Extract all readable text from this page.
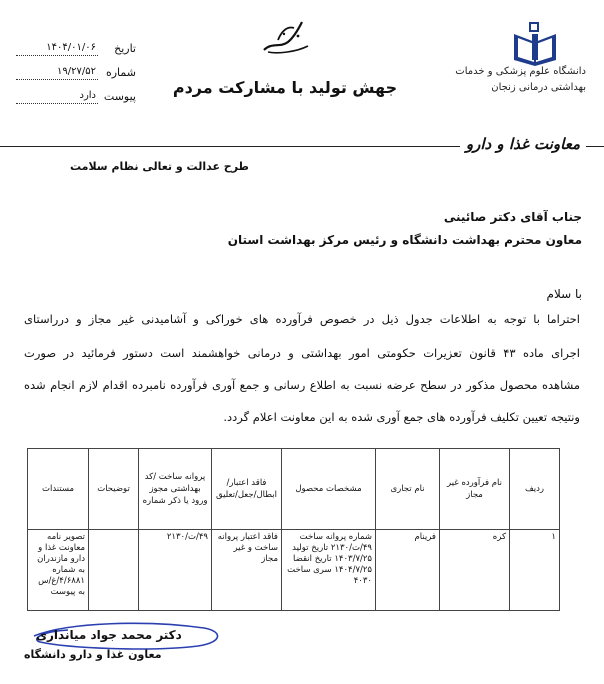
تاریخ
۱۴۰۴/۰۱/۰۶
شماره
۱۹/۲۷/۵۲
پیوست
دارد	جهش تولید با مشارکت مردم
دانشگاه علوم پزشکی و خدمات
بهداشتی درمانی زنجان
معاونت غذا و دارو
طرح عدالت و تعالی نظام سلامت
جناب آقای دکتر صائینی
معاون محترم بهداشت دانشگاه و رئیس مرکز بهداشت استان
با سلام
احتراما با توجه به اطلاعات جدول ذیل در خصوص فرآورده های خوراکی و آشامیدنی غیر مجاز و درراستای
اجرای ماده ۴۳ قانون تعزیرات حکومتی امور بهداشتی و درمانی خواهشمند است دستور فرمائید در صورت
مشاهده محصول مذکور در سطح عرضه نسبت به اطلاع رسانی و جمع آوری فرآورده نامبرده اقدام لازم انجام شده
ونتیجه تعیین تکلیف فرآورده های جمع آوری شده به این معاونت اعلام گردد.
ردیف	نام فرآورده غیر مجاز	نام تجاری	مشخصات محصول	فاقد اعتبار/ابطال/جعل/تعلیق	پروانه ساخت /کد بهداشتی مجوز ورود یا ذکر شماره	توضیحات	مستندات
۱	کره	فرینام	شماره پروانه ساخت ۴۹/ت/۲۱۳۰ تاریخ تولید ۱۴۰۳/۷/۲۵ تاریخ انقضا ۱۴۰۴/۷/۲۵ سری ساخت ۴۰۳۰	فاقد اعتبار پروانه ساخت و غیر مجاز	۴۹/ت/۲۱۳۰		تصویر نامه معاونت غذا و دارو مازندران به شماره ۴/۶۸۸۱/غ/س به پیوست
دکتر محمد جواد میانداری
معاون غذا و دارو دانشگاه
